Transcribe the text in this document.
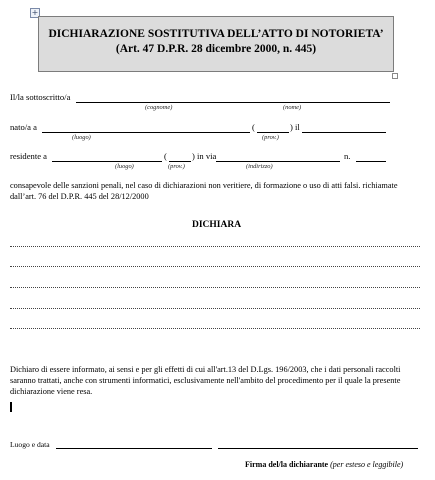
+
DICHIARAZIONE SOSTITUTIVA DELL’ATTO DI NOTORIETA’
(Art. 47 D.P.R. 28 dicembre 2000, n. 445)
Il/la sottoscritto/a
(cognome)	(nome)
nato/a a	(	) il
(luogo)	(prov.)
residente a	(	) in via	n.
(luogo)	(prov.)	(indirizzo)
consapevole delle sanzioni penali, nel caso di dichiarazioni non veritiere, di formazione o uso di atti falsi. richiamate dall’art. 76 del D.P.R. 445 del 28/12/2000
DICHIARA
Dichiaro di essere informato, ai sensi e per gli effetti di cui all'art.13 del D.Lgs. 196/2003, che i dati personali raccolti saranno trattati, anche con strumenti informatici, esclusivamente nell'ambito del procedimento per il quale la presente dichiarazione viene resa.
Luogo e data
Firma del/la dichiarante (per esteso e leggibile)
